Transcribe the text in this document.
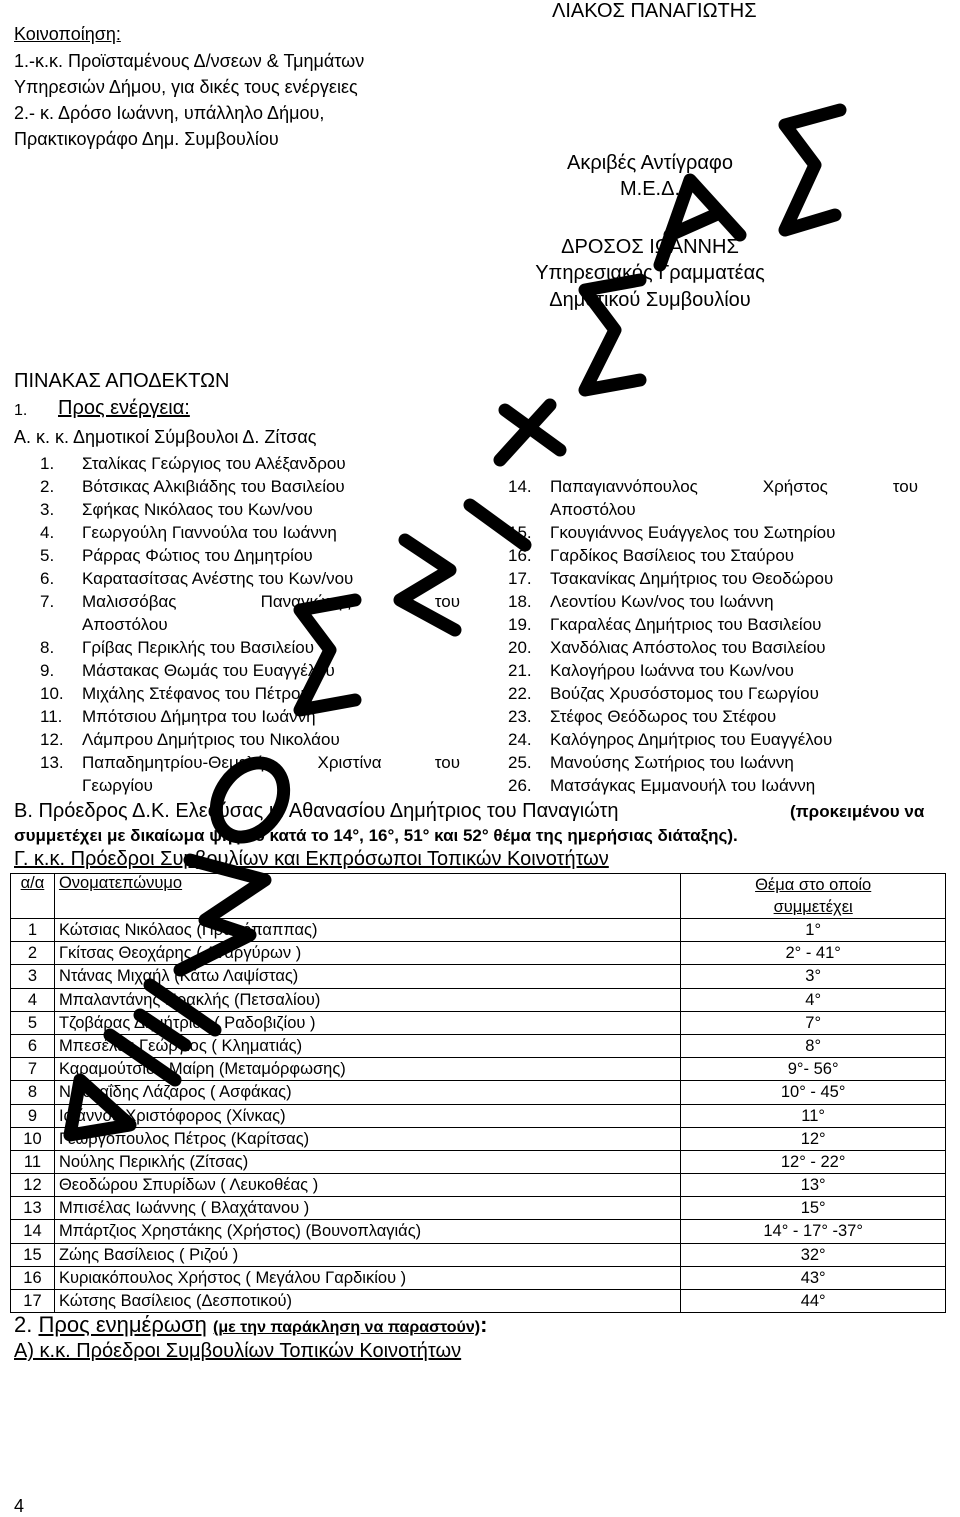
Κοινοποίηση:
1.-κ.κ. Προϊσταμένους Δ/νσεων & Τμημάτων
Υπηρεσιών Δήμου, για δικές τους ενέργειες
2.- κ. Δρόσο Ιωάννη, υπάλληλο Δήμου,
Πρακτικογράφο Δημ. Συμβουλίου
ΛΙΑΚΟΣ ΠΑΝΑΓΙΩΤΗΣ
Ακριβές Αντίγραφο
Μ.Ε.Δ.
ΔΡΟΣΟΣ ΙΩΑΝΝΗΣ
Υπηρεσιακός Γραμματέας
Δημοτικού Συμβουλίου
ΠΙΝΑΚΑΣ ΑΠΟΔΕΚΤΩΝ
1. Προς ενέργεια:
Α. κ. κ. Δημοτικοί Σύμβουλοι Δ. Ζίτσας
1.	Σταλίκας Γεώργιος του Αλέξανδρου
2.	Βότσικας Αλκιβιάδης του Βασιλείου
3.	Σφήκας Νικόλαος του Κων/νου
4.	Γεωργούλη Γιαννούλα του Ιωάννη
5.	Ράρρας Φώτιος του Δημητρίου
6.	Καρατασίτσας Ανέστης του Κων/νου
7.	Μαλισσόβας Παναγιώτης του
Αποστόλου
8.	Γρίβας Περικλής του Βασιλείου
9.	Μάστακας Θωμάς του Ευαγγέλου
10.	Μιχάλης Στέφανος του Πέτρου
11.	Μπότσιου Δήμητρα του Ιωάννη
12.	Λάμπρου Δημήτριος του Νικολάου
13.	Παπαδημητρίου-Θεμελή Χριστίνα του
Γεωργίου
14.	Παπαγιαννόπουλος Χρήστος του
Αποστόλου
15.	Γκουγιάννος Ευάγγελος του Σωτηρίου
16.	Γαρδίκος Βασίλειος του Σταύρου
17.	Τσακανίκας Δημήτριος του Θεοδώρου
18.	Λεοντίου Κων/νος του Ιωάννη
19.	Γκαραλέας Δημήτριος του Βασιλείου
20.	Χανδόλιας Απόστολος του Βασιλείου
21.	Καλογήρου Ιωάννα του Κων/νου
22.	Βούζας Χρυσόστομος του Γεωργίου
23.	Στέφος Θεόδωρος του Στέφου
24.	Καλόγηρος Δημήτριος του Ευαγγέλου
25.	Μανούσης Σωτήριος του Ιωάννη
26.	Ματσάγκας Εμμανουήλ του Ιωάννη
Β. Πρόεδρος Δ.Κ. Ελεούσας κ. Αθανασίου Δημήτριος του Παναγιώτη	(προκειμένου να
συμμετέχει με δικαίωμα ψήφου κατά το 14°, 16°, 51° και 52° θέμα της ημερήσιας διάταξης).
Γ. κ.κ. Πρόεδροι Συμβουλίων και Εκπρόσωποι Τοπικών Κοινοτήτων
α/α	Ονοματεπώνυμο	Θέμα στο οποίο
συμμετέχει
1	Κώτσιας Νικόλαος (Πρωτόπαππας)	1°
2	Γκίτσας Θεοχάρης ( Αναργύρων )	2° - 41°
3	Ντάνας Μιχαήλ (Κάτω Λαψίστας)	3°
4	Μπαλαντάνης Ηρακλής (Πετσαλίου)	4°
5	Τζοβάρας Δημήτριος ( Ραδοβιζίου )	7°
6	Μπεσέλας Γεώργιος ( Κληματιάς)	8°
7	Καραμούτσιου Μαίρη (Μεταμόρφωσης)	9°- 56°
8	Νικολαΐδης Λάζαρος ( Ασφάκας)	10° - 45°
9	Ιωάννου Χριστόφορος (Χίνκας)	11°
10	Γεωργόπουλος Πέτρος (Καρίτσας)	12°
11	Νούλης Περικλής (Ζίτσας)	12° - 22°
12	Θεοδώρου Σπυρίδων ( Λευκοθέας )	13°
13	Μπισέλας Ιωάννης ( Βλαχάτανου )	15°
14	Μπάρτζιος Χρηστάκης (Χρήστος) (Βουνοπλαγιάς)	14° - 17° -37°
15	Ζώης Βασίλειος ( Ριζού )	32°
16	Κυριακόπουλος Χρήστος ( Μεγάλου Γαρδικίου )	43°
17	Κώτσης Βασίλειος (Δεσποτικού)	44°
2. Προς ενημέρωση (με την παράκληση να παραστούν):
Α) κ.κ. Πρόεδροι Συμβουλίων Τοπικών Κοινοτήτων
4
